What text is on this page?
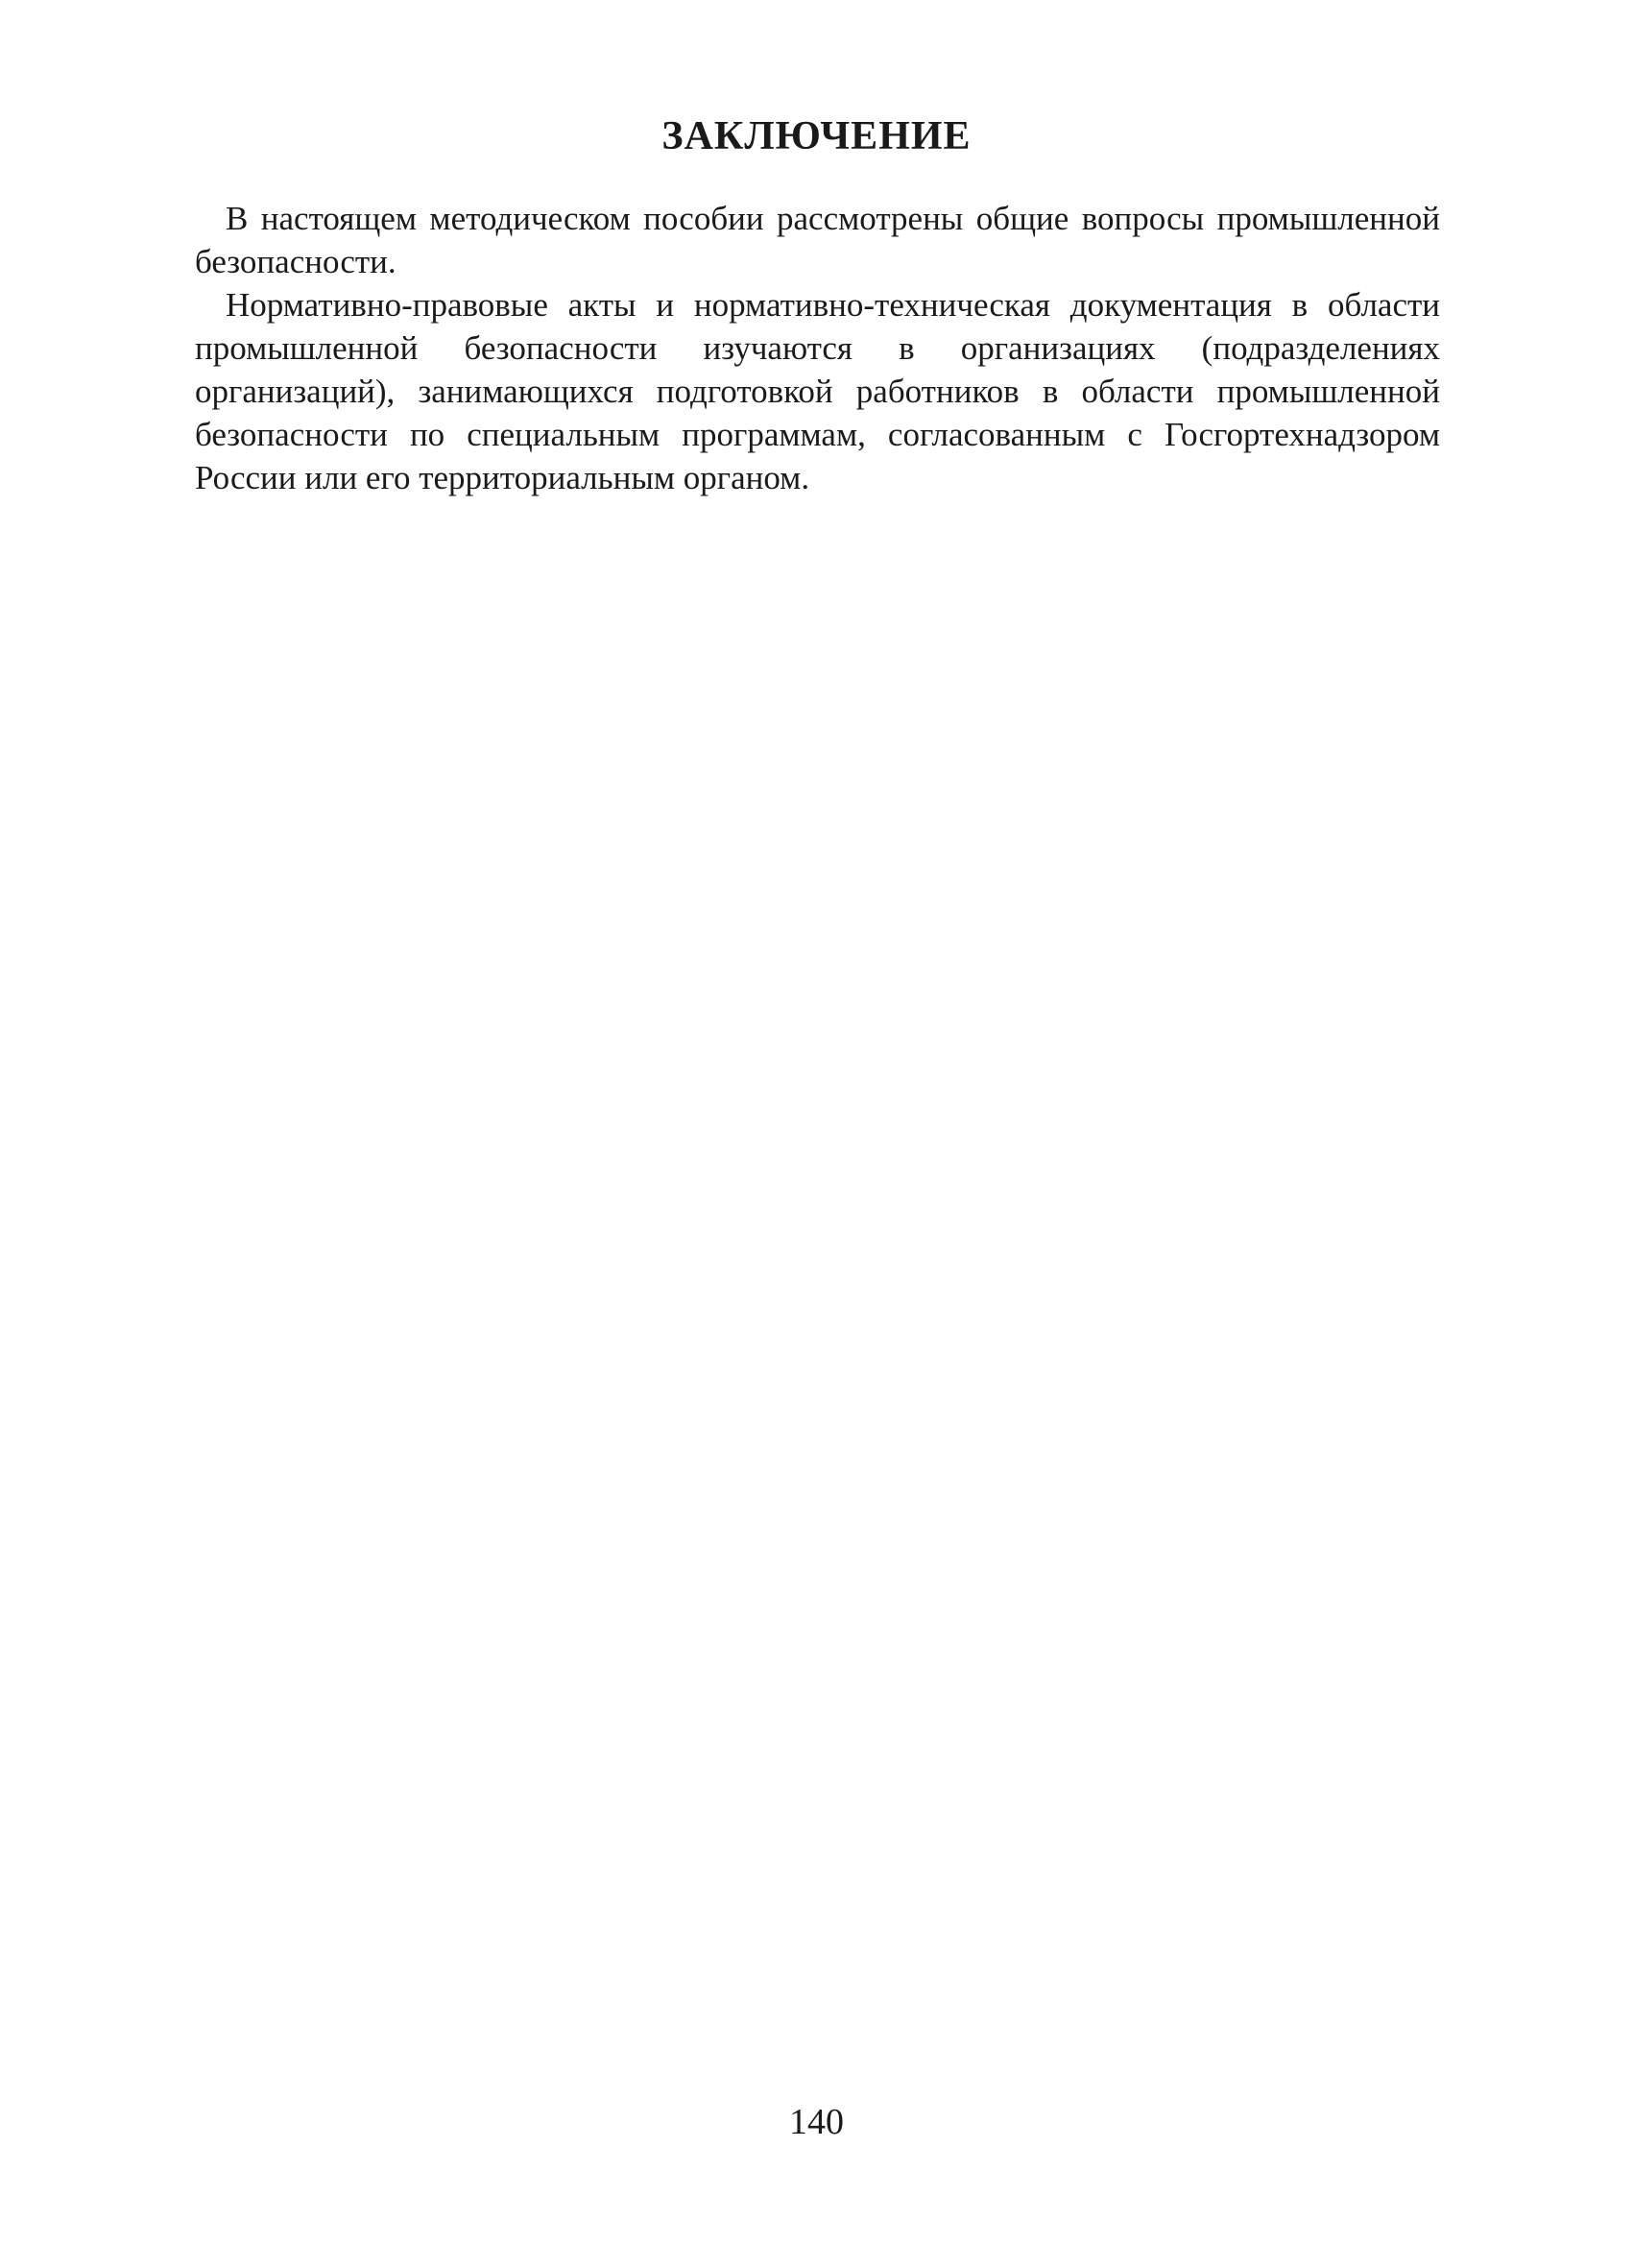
ЗАКЛЮЧЕНИЕ

В настоящем методическом пособии рассмотрены общие вопросы промышленной безопасности.

Нормативно-правовые акты и нормативно-техническая документация в области промышленной безопасности изучаются в организациях (подразделениях организаций), занимающихся подготовкой работников в области промышленной безопасности по специальным программам, согласованным с Госгортехнадзором России или его территориальным органом.

140
